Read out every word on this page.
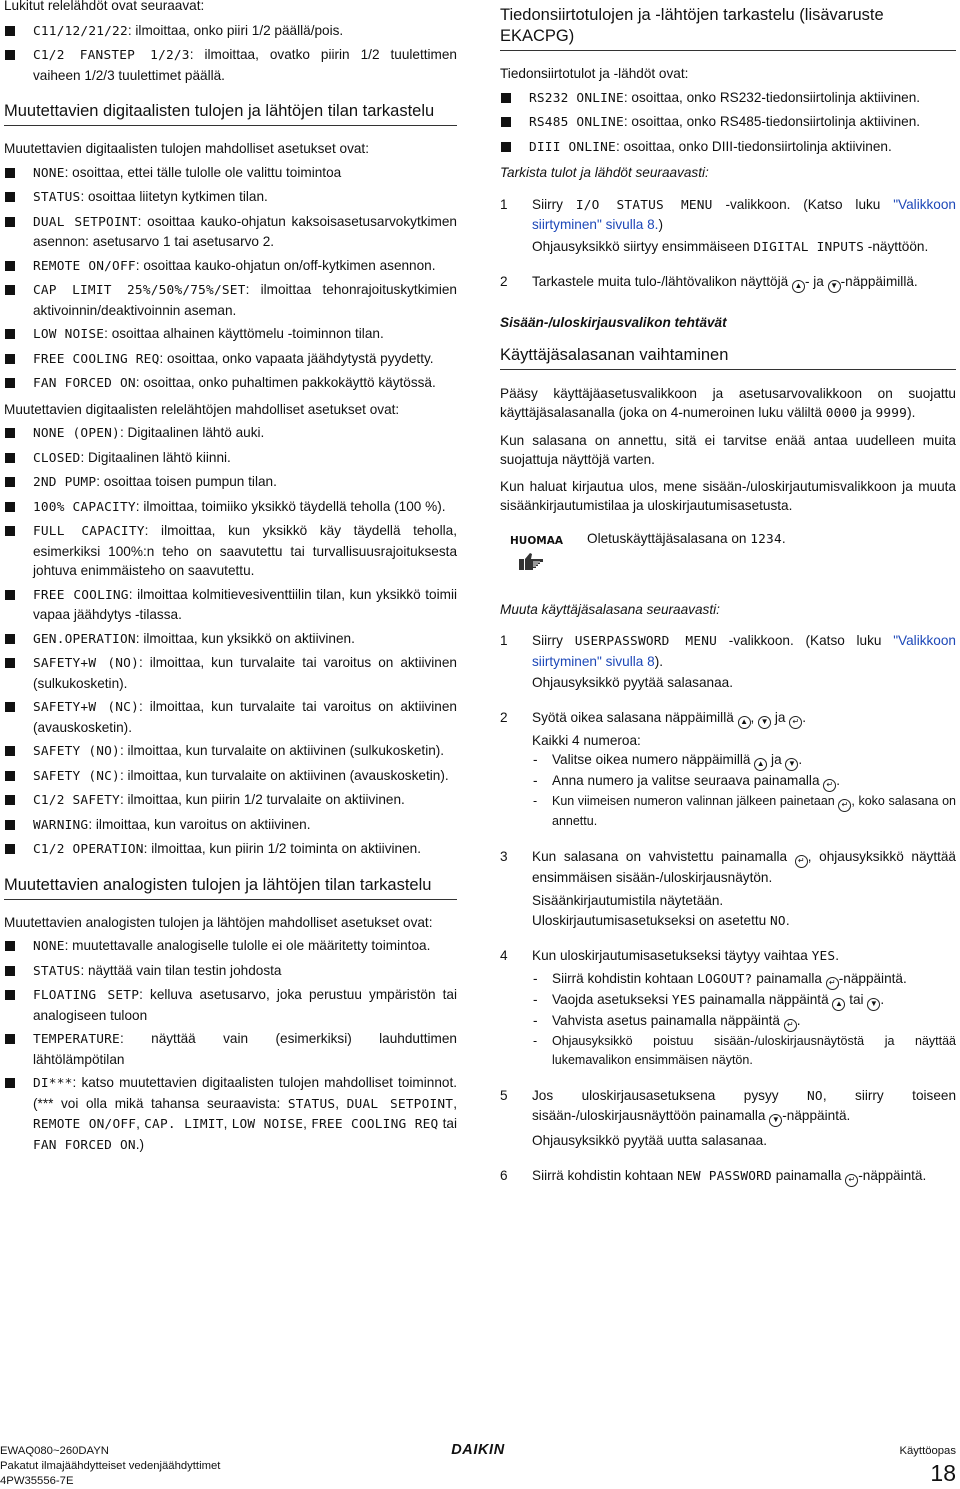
Lukitut relelähdöt ovat seuraavat:

C11/12/21/22: ilmoittaa, onko piiri 1/2 päällä/pois.

C1/2 FANSTEP 1/2/3: ilmoittaa, ovatko piirin 1/2 tuulettimen vaiheen 1/2/3 tuulettimet päällä.

Muutettavien digitaalisten tulojen ja lähtöjen tilan tarkastelu

Muutettavien digitaalisten tulojen mahdolliset asetukset ovat:

NONE: osoittaa, ettei tälle tulolle ole valittu toimintoa

STATUS: osoittaa liitetyn kytkimen tilan.

DUAL SETPOINT: osoittaa kauko-ohjatun kaksoisasetusarvokytkimen asennon: asetusarvo 1 tai asetusarvo 2.

REMOTE ON/OFF: osoittaa kauko-ohjatun on/off-kytkimen asennon.

CAP LIMIT 25%/50%/75%/SET: ilmoittaa tehonrajoituskytkimien aktivoinnin/deaktivoinnin aseman.

LOW NOISE: osoittaa alhainen käyttömelu -toiminnon tilan.

FREE COOLING REQ: osoittaa, onko vapaata jäähdytystä pyydetty.

FAN FORCED ON: osoittaa, onko puhaltimen pakkokäyttö käytössä.

Muutettavien digitaalisten relelähtöjen mahdolliset asetukset ovat:

NONE (OPEN): Digitaalinen lähtö auki.

CLOSED: Digitaalinen lähtö kiinni.

2ND PUMP: osoittaa toisen pumpun tilan.

100% CAPACITY: ilmoittaa, toimiiko yksikkö täydellä teholla (100 %).

FULL CAPACITY: ilmoittaa, kun yksikkö käy täydellä teholla, esimerkiksi 100%:n teho on saavutettu tai turvallisuusrajoituksesta johtuva enimmäisteho on saavutettu.

FREE COOLING: ilmoittaa kolmitievesiventtiilin tilan, kun yksikkö toimii vapaa jäähdytys -tilassa.

GEN.OPERATION: ilmoittaa, kun yksikkö on aktiivinen.

SAFETY+W (NO): ilmoittaa, kun turvalaite tai varoitus on aktiivinen (sulkukosketin).

SAFETY+W (NC): ilmoittaa, kun turvalaite tai varoitus on aktiivinen (avauskosketin).

SAFETY (NO): ilmoittaa, kun turvalaite on aktiivinen (sulkukosketin).

SAFETY (NC): ilmoittaa, kun turvalaite on aktiivinen (avauskosketin).

C1/2 SAFETY: ilmoittaa, kun piirin 1/2 turvalaite on aktiivinen.

WARNING: ilmoittaa, kun varoitus on aktiivinen.

C1/2 OPERATION: ilmoittaa, kun piirin 1/2 toiminta on aktiivinen.

Muutettavien analogisten tulojen ja lähtöjen tilan tarkastelu

Muutettavien analogisten tulojen ja lähtöjen mahdolliset asetukset ovat:

NONE: muutettavalle analogiselle tulolle ei ole määritetty toimintoa.

STATUS: näyttää vain tilan testin johdosta

FLOATING SETP: kelluva asetusarvo, joka perustuu ympäristön tai analogiseen tuloon

TEMPERATURE: näyttää vain (esimerkiksi) lauhduttimen lähtölämpötilan

DI***: katso muutettavien digitaalisten tulojen mahdolliset toiminnot. (*** voi olla mikä tahansa seuraavista: STATUS, DUAL SETPOINT, REMOTE ON/OFF, CAP. LIMIT, LOW NOISE, FREE COOLING REQ tai FAN FORCED ON.)

Tiedonsiirtotulojen ja -lähtöjen tarkastelu (lisävaruste EKACPG)

Tiedonsiirtotulot ja -lähdöt ovat:

RS232 ONLINE: osoittaa, onko RS232-tiedonsiirtolinja aktiivinen.

RS485 ONLINE: osoittaa, onko RS485-tiedonsiirtolinja aktiivinen.

DIII ONLINE: osoittaa, onko DIII-tiedonsiirtolinja aktiivinen.

Tarkista tulot ja lähdöt seuraavasti:

1 Siirry I/O STATUS MENU -valikkoon. (Katso luku "Valikkoon siirtyminen" sivulla 8.)

Ohjausyksikkö siirtyy ensimmäiseen DIGITAL INPUTS -näyttöön.

2 Tarkastele muita tulo-/lähtövalikon näyttöjä ▲ - ja ▼ -näppäimillä.

Sisään-/uloskirjausvalikon tehtävät

Käyttäjäsalasanan vaihtaminen

Pääsy käyttäjäasetusvalikkoon ja asetusarvovalikkoon on suojattu käyttäjäsalasanalla (joka on 4-numeroinen luku väliltä 0000 ja 9999).

Kun salasana on annettu, sitä ei tarvitse enää antaa uudelleen muita suojattuja näyttöjä varten.

Kun haluat kirjautua ulos, mene sisään-/uloskirjautumisvalikkoon ja muuta sisäänkirjautumistilaa ja uloskirjautumisasetusta.

HUOMAA Oletuskäyttäjäsalasana on 1234.

Muuta käyttäjäsalasana seuraavasti:

1 Siirry USERPASSWORD MENU -valikkoon. (Katso luku "Valikkoon siirtyminen" sivulla 8).

Ohjausyksikkö pyytää salasanaa.

2 Syötä oikea salasana näppäimillä ▲ , ▼ ja ↵ .

Kaikki 4 numeroa:

- Valitse oikea numero näppäimillä ▲ ja ▼ .

- Anna numero ja valitse seuraava painamalla ↵ .

- Kun viimeisen numeron valinnan jälkeen painetaan ↵ , koko salasana on annettu.

3 Kun salasana on vahvistettu painamalla ↵ , ohjausyksikkö näyttää ensimmäisen sisään-/uloskirjausnäytön.

Sisäänkirjautumistila näytetään.

Uloskirjautumisasetukseksi on asetettu NO.

4 Kun uloskirjautumisasetukseksi täytyy vaihtaa YES.

- Siirrä kohdistin kohtaan LOGOUT? painamalla ↵ -näppäintä.

- Vaojda asetukseksi YES painamalla näppäintä ▲ tai ▼ .

- Vahvista asetus painamalla näppäintä ↵ .

- Ohjausyksikkö poistuu sisään-/uloskirjausnäytöstä ja näyttää lukemavalikon ensimmäisen näytön.

5 Jos uloskirjausasetuksena pysyy NO, siirry toiseen sisään-/uloskirjausnäyttöön painamalla ▼ -näppäintä.

Ohjausyksikkö pyytää uutta salasanaa.

6 Siirrä kohdistin kohtaan NEW PASSWORD painamalla ↵ -näppäintä.

EWAQ080~260DAYN
Pakatut ilmajäähdytteiset vedenjäähdyttimet
4PW35556-7E
DAIKIN	Käyttöopas
18
